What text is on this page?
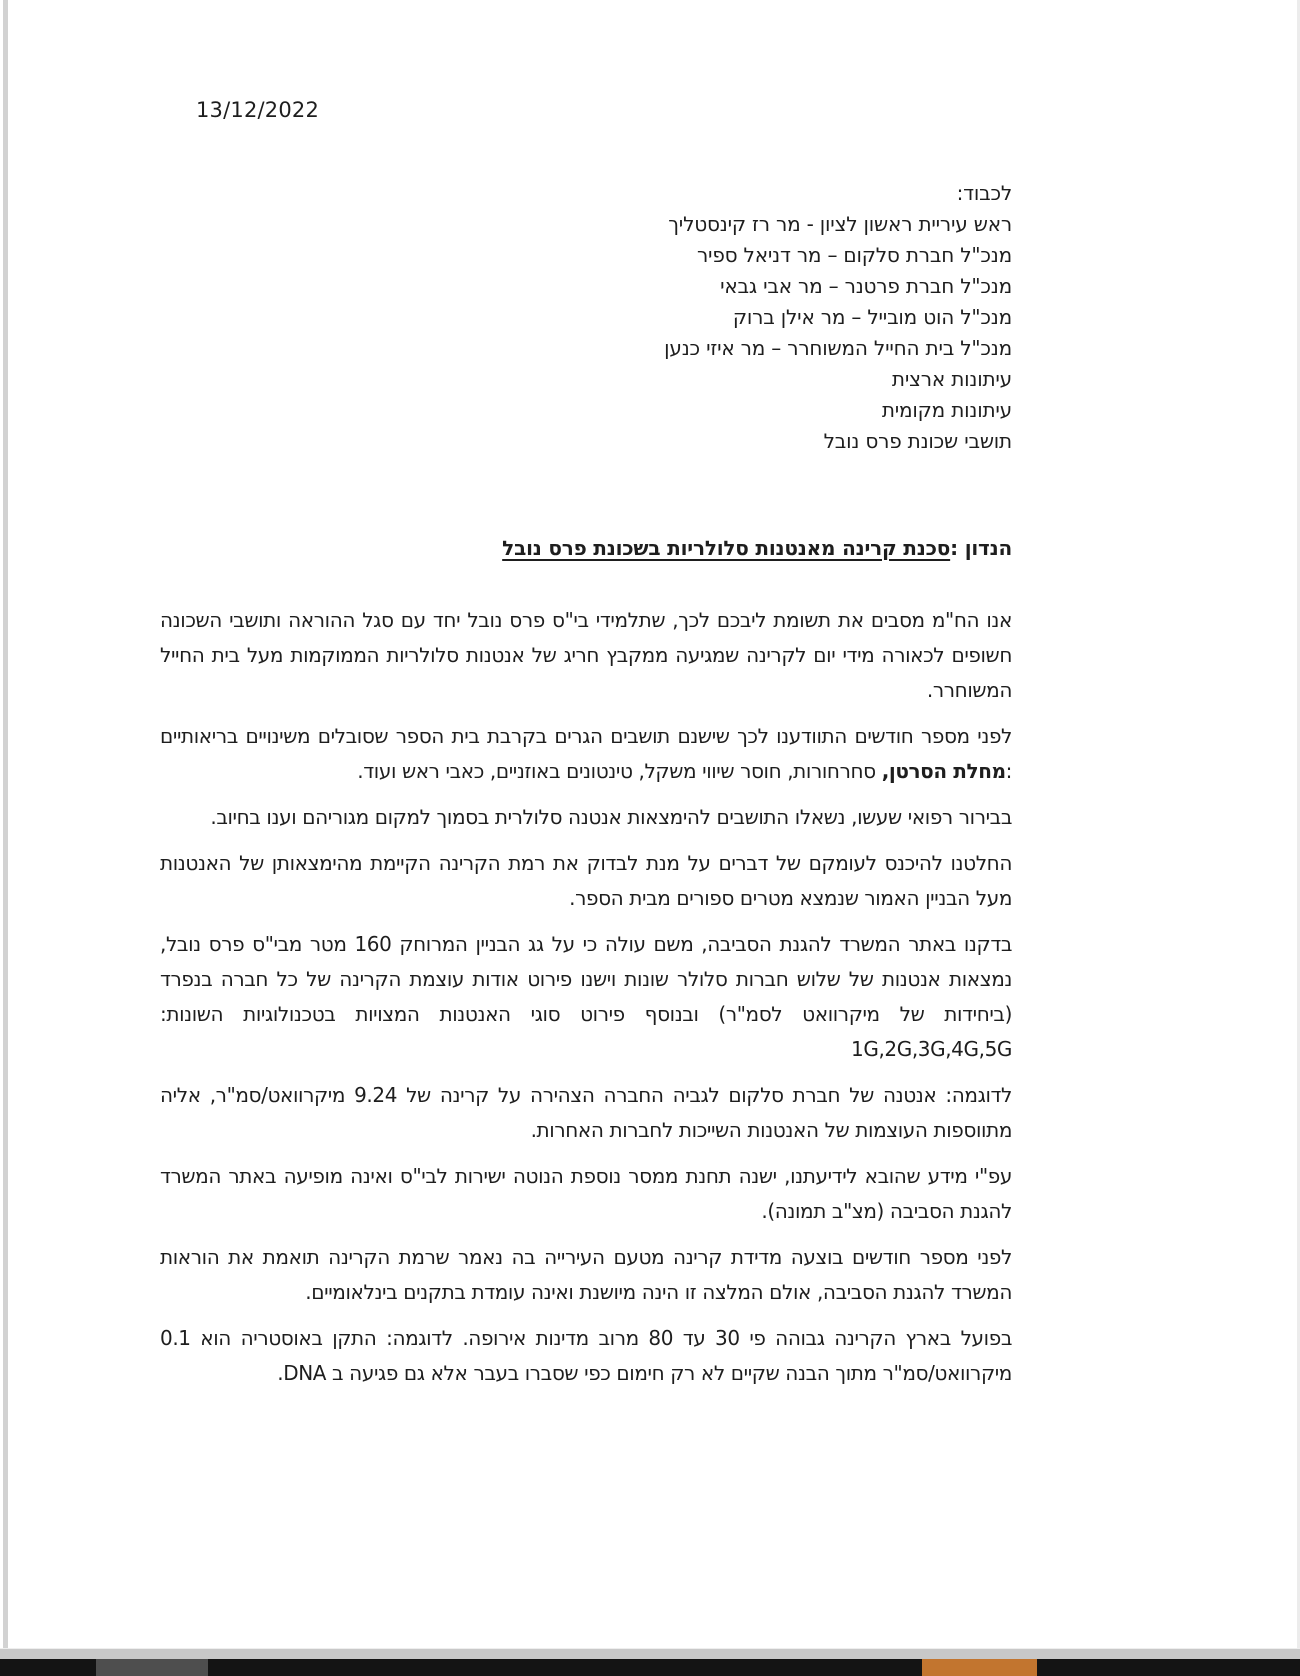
13/12/2022
לכבוד:
ראש עיריית ראשון לציון - מר רז קינסטליך
מנכ"ל חברת סלקום – מר דניאל ספיר
מנכ"ל חברת פרטנר – מר אבי גבאי
מנכ"ל הוט מובייל – מר אילן ברוק
מנכ"ל בית החייל המשוחרר – מר איזי כנען
עיתונות ארצית
עיתונות מקומית
תושבי שכונת פרס נובל
הנדון :סכנת קרינה מאנטנות סלולריות בשכונת פרס נובל

אנו הח"מ מסבים את תשומת ליבכם לכך, שתלמידי בי"ס פרס נובל יחד עם סגל ההוראה ותושבי השכונה חשופים לכאורה מידי יום לקרינה שמגיעה ממקבץ חריג של אנטנות סלולריות הממוקמות מעל בית החייל המשוחרר.

לפני מספר חודשים התוודענו לכך שישנם תושבים הגרים בקרבת בית הספר שסובלים משינויים בריאותיים :מחלת הסרטן, סחרחורות, חוסר שיווי משקל, טינטונים באוזניים, כאבי ראש ועוד.

בבירור רפואי שעשו, נשאלו התושבים להימצאות אנטנה סלולרית בסמוך למקום מגוריהם וענו בחיוב.

החלטנו להיכנס לעומקם של דברים על מנת לבדוק את רמת הקרינה הקיימת מהימצאותן של האנטנות מעל הבניין האמור שנמצא מטרים ספורים מבית הספר.

בדקנו באתר המשרד להגנת הסביבה, משם עולה כי על גג הבניין המרוחק 160 מטר מבי"ס פרס נובל, נמצאות אנטנות של שלוש חברות סלולר שונות וישנו פירוט אודות עוצמת הקרינה של כל חברה בנפרד (ביחידות של מיקרוואט לסמ"ר) ובנוסף פירוט סוגי האנטנות המצויות בטכנולוגיות השונות: 1G,2G,3G,4G,5G

לדוגמה: אנטנה של חברת סלקום לגביה החברה הצהירה על קרינה של 9.24 מיקרוואט/סמ"ר, אליה מתווספות העוצמות של האנטנות השייכות לחברות האחרות.

עפ"י מידע שהובא לידיעתנו, ישנה תחנת ממסר נוספת הנוטה ישירות לבי"ס ואינה מופיעה באתר המשרד להגנת הסביבה (מצ"ב תמונה).

לפני מספר חודשים בוצעה מדידת קרינה מטעם העירייה בה נאמר שרמת הקרינה תואמת את הוראות המשרד להגנת הסביבה, אולם המלצה זו הינה מיושנת ואינה עומדת בתקנים בינלאומיים.

בפועל בארץ הקרינה גבוהה פי 30 עד 80 מרוב מדינות אירופה. לדוגמה: התקן באוסטריה הוא 0.1 מיקרוואט/סמ"ר מתוך הבנה שקיים לא רק חימום כפי שסברו בעבר אלא גם פגיעה ב DNA.
